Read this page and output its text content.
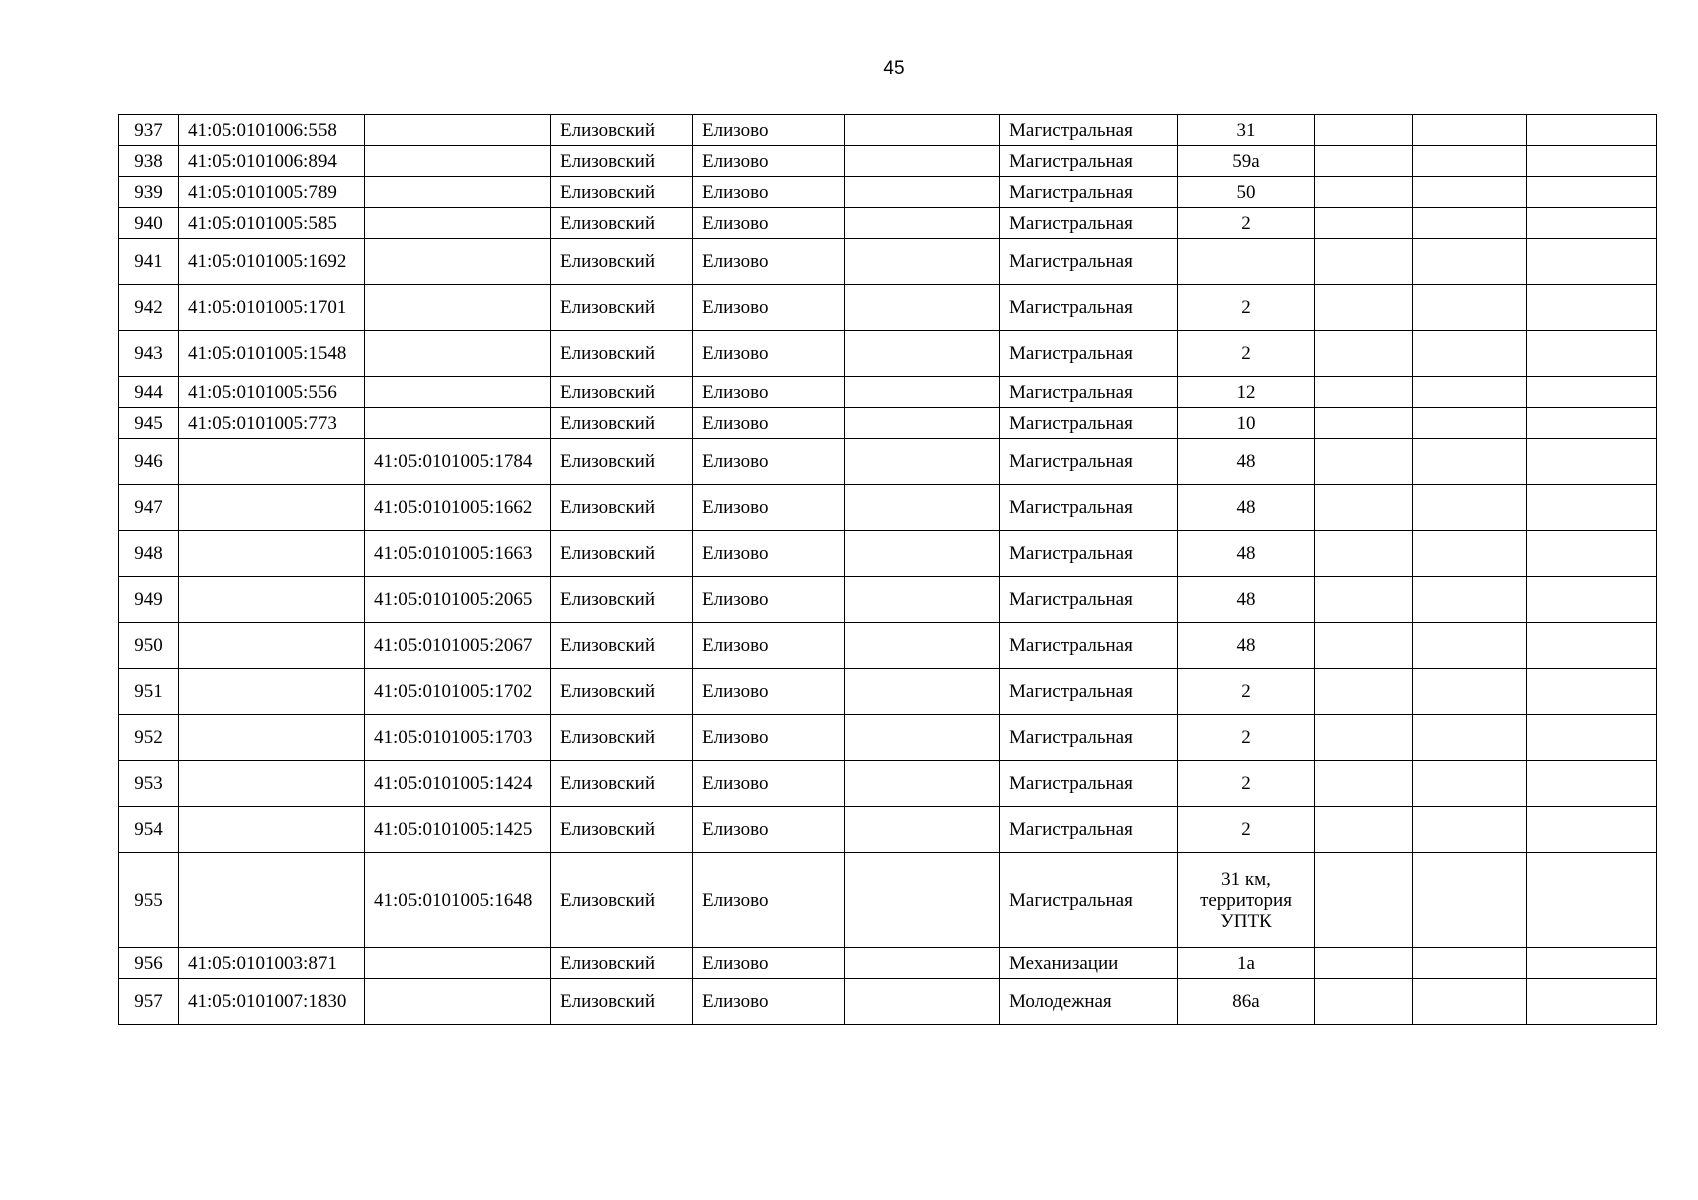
45
937	41:05:0101006:558		Елизовский	Елизово		Магистральная	31			
938	41:05:0101006:894		Елизовский	Елизово		Магистральная	59а			
939	41:05:0101005:789		Елизовский	Елизово		Магистральная	50			
940	41:05:0101005:585		Елизовский	Елизово		Магистральная	2			
941	41:05:0101005:1692		Елизовский	Елизово		Магистральная				
942	41:05:0101005:1701		Елизовский	Елизово		Магистральная	2			
943	41:05:0101005:1548		Елизовский	Елизово		Магистральная	2			
944	41:05:0101005:556		Елизовский	Елизово		Магистральная	12			
945	41:05:0101005:773		Елизовский	Елизово		Магистральная	10			
946		41:05:0101005:1784	Елизовский	Елизово		Магистральная	48			
947		41:05:0101005:1662	Елизовский	Елизово		Магистральная	48			
948		41:05:0101005:1663	Елизовский	Елизово		Магистральная	48			
949		41:05:0101005:2065	Елизовский	Елизово		Магистральная	48			
950		41:05:0101005:2067	Елизовский	Елизово		Магистральная	48			
951		41:05:0101005:1702	Елизовский	Елизово		Магистральная	2			
952		41:05:0101005:1703	Елизовский	Елизово		Магистральная	2			
953		41:05:0101005:1424	Елизовский	Елизово		Магистральная	2			
954		41:05:0101005:1425	Елизовский	Елизово		Магистральная	2			
955		41:05:0101005:1648	Елизовский	Елизово		Магистральная	31 км, территория УПТК			
956	41:05:0101003:871		Елизовский	Елизово		Механизации	1а			
957	41:05:0101007:1830		Елизовский	Елизово		Молодежная	86а			
